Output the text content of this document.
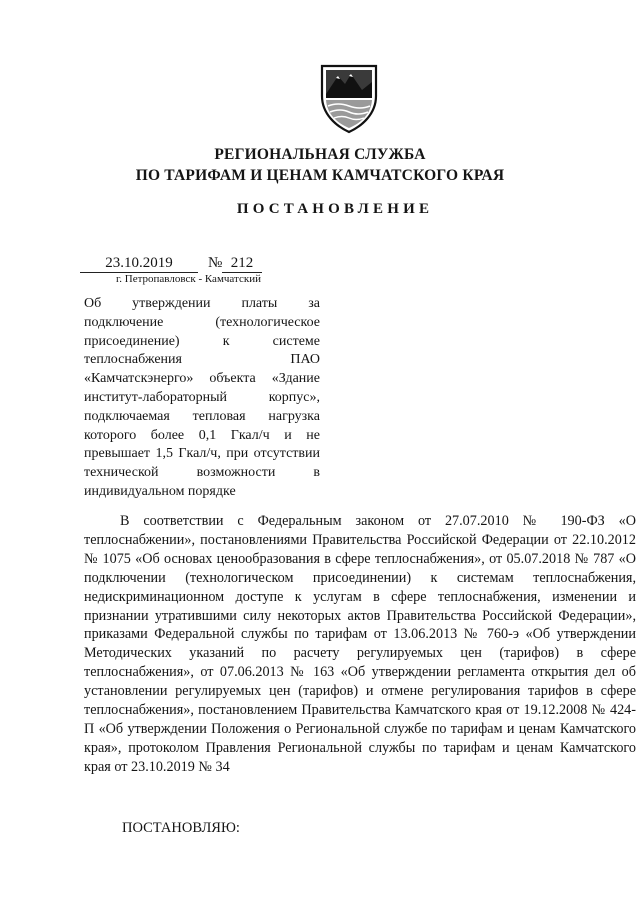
РЕГИОНАЛЬНАЯ СЛУЖБА
ПО ТАРИФАМ И ЦЕНАМ КАМЧАТСКОГО КРАЯ
ПОСТАНОВЛЕНИЕ
23.10.2019	№ 212
г. Петропавловск - Камчатский

Об утверждении платы за подключение (технологическое присоединение) к системе теплоснабжения ПАО «Камчатскэнерго» объекта «Здание институт-лабораторный корпус», подключаемая тепловая нагрузка которого более 0,1 Гкал/ч и не превышает 1,5 Гкал/ч, при отсутствии технической возможности в индивидуальном порядке

В соответствии с Федеральным законом от 27.07.2010 № 190-ФЗ «О теплоснабжении», постановлениями Правительства Российской Федерации от 22.10.2012 № 1075 «Об основах ценообразования в сфере теплоснабжения», от 05.07.2018 № 787 «О подключении (технологическом присоединении) к системам теплоснабжения, недискриминационном доступе к услугам в сфере теплоснабжения, изменении и признании утратившими силу некоторых актов Правительства Российской Федерации», приказами Федеральной службы по тарифам от 13.06.2013 № 760-э «Об утверждении Методических указаний по расчету регулируемых цен (тарифов) в сфере теплоснабжения», от 07.06.2013 № 163 «Об утверждении регламента открытия дел об установлении регулируемых цен (тарифов) и отмене регулирования тарифов в сфере теплоснабжения», постановлением Правительства Камчатского края от 19.12.2008 № 424-П «Об утверждении Положения о Региональной службе по тарифам и ценам Камчатского края», протоколом Правления Региональной службы по тарифам и ценам Камчатского края от 23.10.2019 № 34

ПОСТАНОВЛЯЮ:
